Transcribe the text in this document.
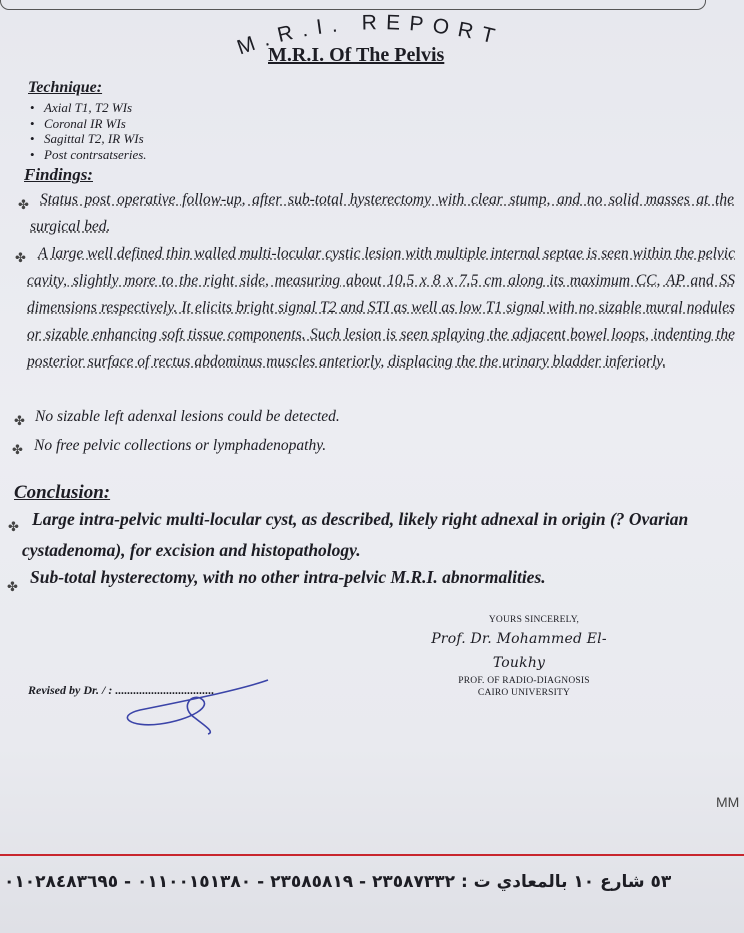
M.R.I. REPORT
M.R.I. Of The Pelvis
Technique:
• Axial T1, T2 WIs
• Coronal IR WIs
• Sagittal T2, IR WIs
• Post contrsatseries.
Findings:
✤ Status post operative follow-up, after sub-total hysterectomy with clear stump, and no solid masses at the surgical bed.
✤ A large well defined thin walled multi-locular cystic lesion with multiple internal septae is seen within the pelvic cavity, slightly more to the right side, measuring about 10.5 x 8 x 7.5 cm along its maximum CC, AP and SS dimensions respectively. It elicits bright signal T2 and STI as well as low T1 signal with no sizable mural nodules or sizable enhancing soft tissue components. Such lesion is seen splaying the adjacent bowel loops, indenting the posterior surface of rectus abdominus muscles anteriorly, displacing the the urinary bladder inferiorly.
✤ No sizable left adenxal lesions could be detected.
✤ No free pelvic collections or lymphadenopathy.
Conclusion:
✤ Large intra-pelvic multi-locular cyst, as described, likely right adnexal in origin (? Ovarian cystadenoma), for excision and histopathology.
✤ Sub-total hysterectomy, with no other intra-pelvic M.R.I. abnormalities.
YOURS SINCERELY,
Prof. Dr. Mohammed El-Toukhy
PROF. OF RADIO-DIAGNOSIS
CAIRO UNIVERSITY
Revised by Dr. / : .................................
MM
٥٣ شارع ١٠ بالمعادي ت : ٢٣٥٨٧٣٣٢ - ٢٣٥٨٥٨١٩ - ٠١١٠٠١٥١٣٨٠ - ٠١٠٢٨٤٨٣٦٩٥
